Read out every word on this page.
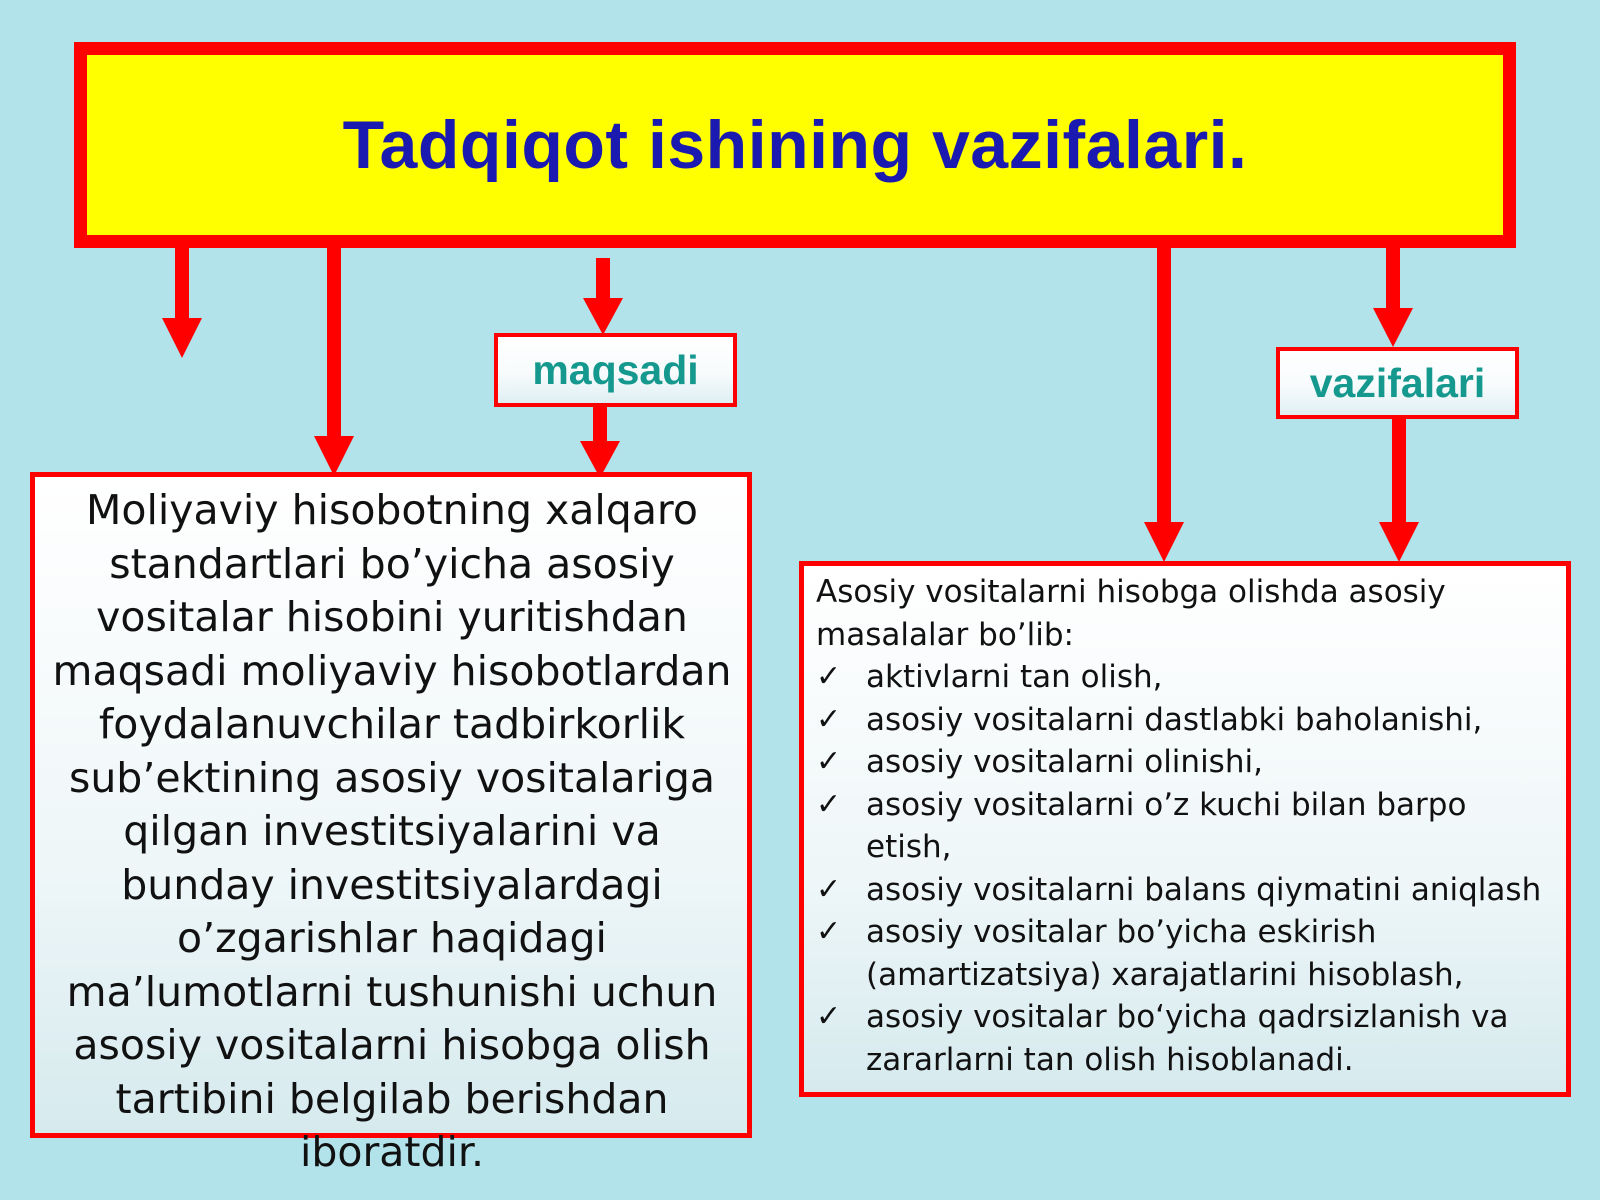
Tadqiqot ishining vazifalari.
maqsadi	vazifalari
Moliyaviy hisobotning xalqaro standartlari bo’yicha asosiy vositalar hisobini yuritishdan maqsadi moliyaviy hisobotlardan foydalanuvchilar tadbirkorlik sub’ektining asosiy vositalariga qilgan investitsiyalarini va bunday investitsiyalardagi o’zgarishlar haqidagi ma’lumotlarni tushunishi uchun asosiy vositalarni hisobga olish tartibini belgilab berishdan iboratdir.
Asosiy vositalarni hisobga olishda asosiy masalalar bo’lib:
✓ aktivlarni tan olish,
✓ asosiy vositalarni dastlabki baholanishi,
✓ asosiy vositalarni olinishi,
✓ asosiy vositalarni o’z kuchi bilan barpo etish,
✓ asosiy vositalarni balans qiymatini aniqlash
✓ asosiy vositalar bo’yicha eskirish (amartizatsiya) xarajatlarini hisoblash,
✓ asosiy vositalar bo‘yicha qadrsizlanish va zararlarni tan olish hisoblanadi.
